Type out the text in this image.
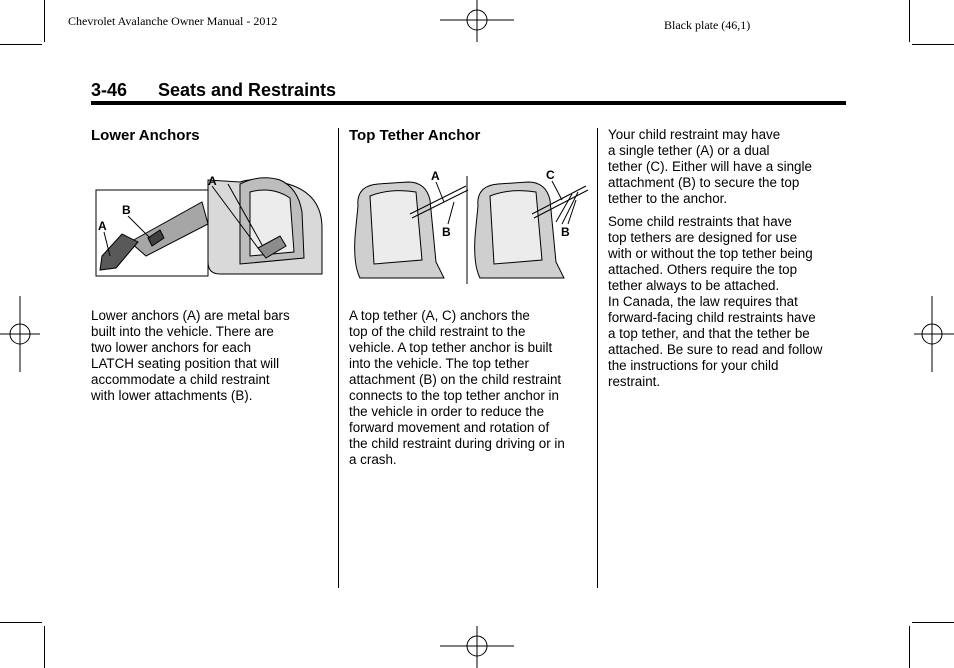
Chevrolet Avalanche Owner Manual - 2012	Black plate (46,1)
3-46 Seats and Restraints
Lower Anchors
A
B
A
Lower anchors (A) are metal bars
built into the vehicle. There are
two lower anchors for each
LATCH seating position that will
accommodate a child restraint
with lower attachments (B).
Top Tether Anchor
A
B
C
B
A top tether (A, C) anchors the
top of the child restraint to the
vehicle. A top tether anchor is built
into the vehicle. The top tether
attachment (B) on the child restraint
connects to the top tether anchor in
the vehicle in order to reduce the
forward movement and rotation of
the child restraint during driving or in
a crash.
Your child restraint may have
a single tether (A) or a dual
tether (C). Either will have a single
attachment (B) to secure the top
tether to the anchor.
Some child restraints that have
top tethers are designed for use
with or without the top tether being
attached. Others require the top
tether always to be attached.
In Canada, the law requires that
forward-facing child restraints have
a top tether, and that the tether be
attached. Be sure to read and follow
the instructions for your child
restraint.
